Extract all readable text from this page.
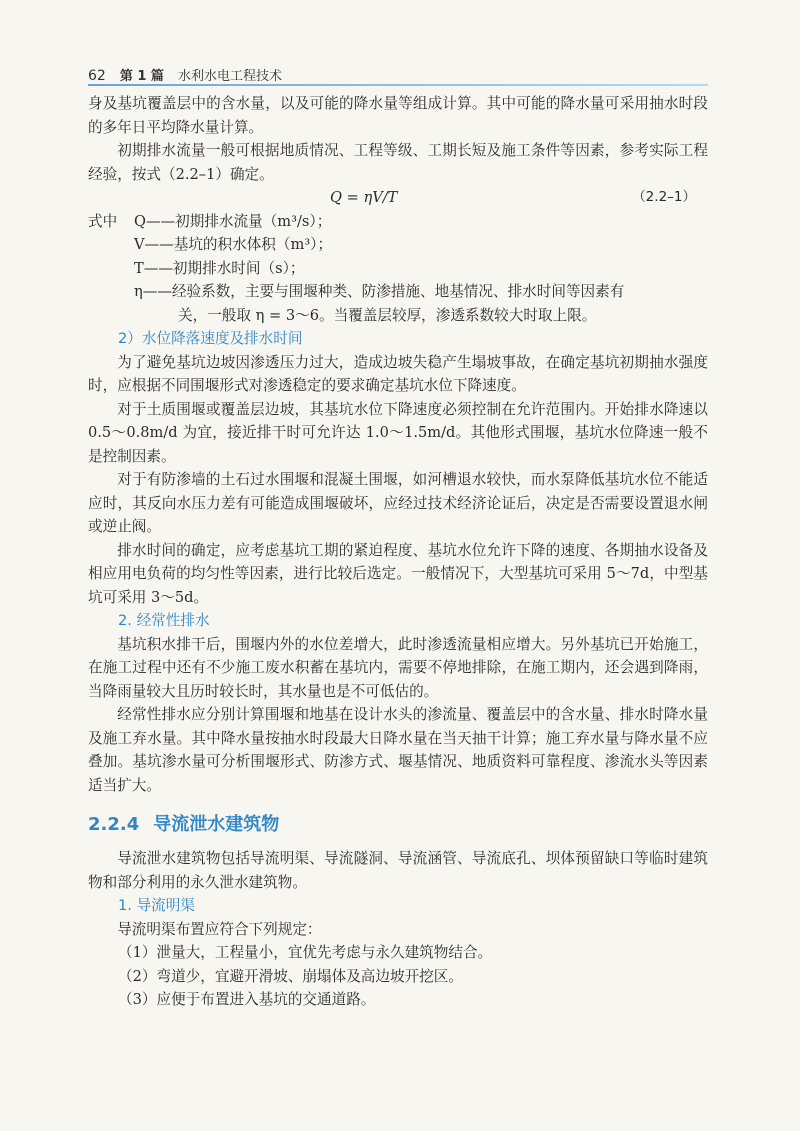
62 第 1 篇 水利水电工程技术

身及基坑覆盖层中的含水量，以及可能的降水量等组成计算。其中可能的降水量可采用抽水时段的多年日平均降水量计算。

初期排水流量一般可根据地质情况、工程等级、工期长短及施工条件等因素，参考实际工程经验，按式（2.2–1）确定。

Q = ηV/T	（2.2–1）
式中	Q——初期排水流量（m³/s）；
V——基坑的积水体积（m³）；
T——初期排水时间（s）；
η——经验系数，主要与围堰种类、防渗措施、地基情况、排水时间等因素有
关，一般取 η = 3～6。当覆盖层较厚，渗透系数较大时取上限。
2）水位降落速度及排水时间

为了避免基坑边坡因渗透压力过大，造成边坡失稳产生塌坡事故，在确定基坑初期抽水强度时，应根据不同围堰形式对渗透稳定的要求确定基坑水位下降速度。

对于土质围堰或覆盖层边坡，其基坑水位下降速度必须控制在允许范围内。开始排水降速以 0.5～0.8m/d 为宜，接近排干时可允许达 1.0～1.5m/d。其他形式围堰，基坑水位降速一般不是控制因素。

对于有防渗墙的土石过水围堰和混凝土围堰，如河槽退水较快，而水泵降低基坑水位不能适应时，其反向水压力差有可能造成围堰破坏，应经过技术经济论证后，决定是否需要设置退水闸或逆止阀。

排水时间的确定，应考虑基坑工期的紧迫程度、基坑水位允许下降的速度、各期抽水设备及相应用电负荷的均匀性等因素，进行比较后选定。一般情况下，大型基坑可采用 5～7d，中型基坑可采用 3～5d。

2. 经常性排水

基坑积水排干后，围堰内外的水位差增大，此时渗透流量相应增大。另外基坑已开始施工，在施工过程中还有不少施工废水积蓄在基坑内，需要不停地排除，在施工期内，还会遇到降雨，当降雨量较大且历时较长时，其水量也是不可低估的。

经常性排水应分别计算围堰和地基在设计水头的渗流量、覆盖层中的含水量、排水时降水量及施工弃水量。其中降水量按抽水时段最大日降水量在当天抽干计算；施工弃水量与降水量不应叠加。基坑渗水量可分析围堰形式、防渗方式、堰基情况、地质资料可靠程度、渗流水头等因素适当扩大。

2.2.4 导流泄水建筑物

导流泄水建筑物包括导流明渠、导流隧洞、导流涵管、导流底孔、坝体预留缺口等临时建筑物和部分利用的永久泄水建筑物。

1. 导流明渠

导流明渠布置应符合下列规定：

（1）泄量大，工程量小，宜优先考虑与永久建筑物结合。
（2）弯道少，宜避开滑坡、崩塌体及高边坡开挖区。
（3）应便于布置进入基坑的交通道路。
